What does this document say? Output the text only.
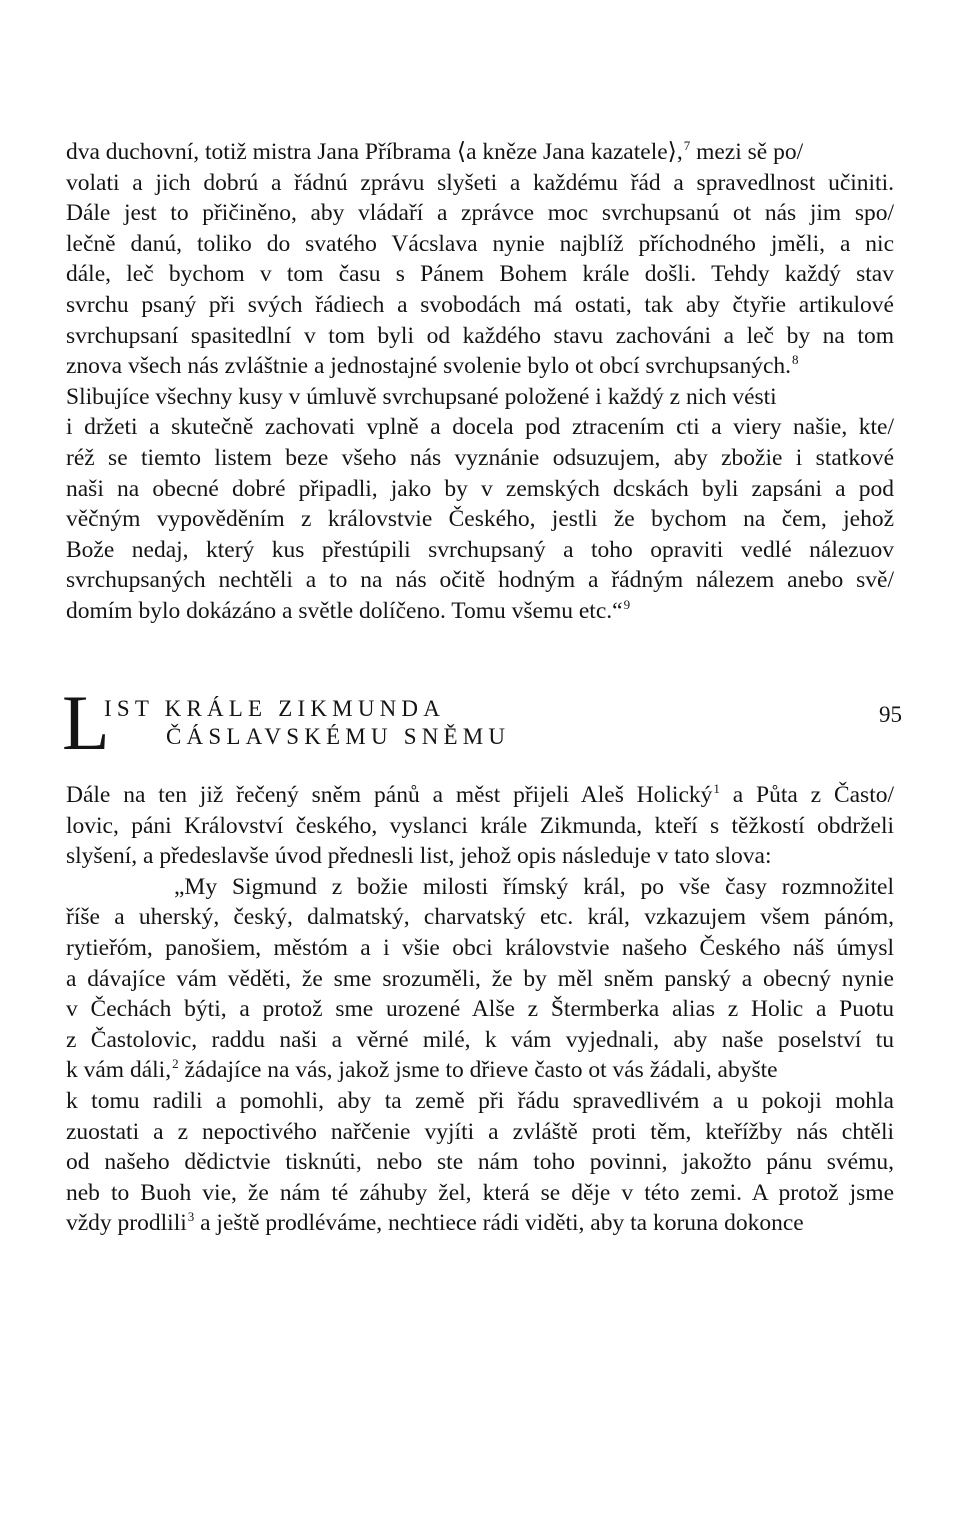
dva duchovní, totiž mistra Jana Příbrama ⟨a kněze Jana kazatele⟩,$^7$ mezi sě po/
volati a jich dobrú a řádnú zprávu slyšeti a každému řád a spravedlnost učiniti.
Dále jest to přičiněno, aby vládaří a zprávce moc svrchupsanú ot nás jim spo/
lečně danú, toliko do svatého Vácslava nynie najblíž příchodného jměli, a nic
dále, leč bychom v tom času s Pánem Bohem krále došli. Tehdy každý stav
svrchu psaný při svých řádiech a svobodách má ostati, tak aby čtyřie artikulové
svrchupsaní spasitedlní v tom byli od každého stavu zachováni a leč by na tom
znova všech nás zvláštnie a jednostajné svolenie bylo ot obcí svrchupsaných.$^8$
Slibujíce všechny kusy v úmluvě svrchupsané položené i každý z nich vésti
i držeti a skutečně zachovati vplně a docela pod ztracením cti a viery našie, kte/
réž se tiemto listem beze všeho nás vyznánie odsuzujem, aby zbožie i statkové
naši na obecné dobré připadli, jako by v zemských dcskách byli zapsáni a pod
věčným vypověděním z královstvie Českého, jestli že bychom na čem, jehož
Bože nedaj, který kus přestúpili svrchupsaný a toho opraviti vedlé nálezuov
svrchupsaných nechtěli a to na nás očitě hodným a řádným nálezem anebo svě/
domím bylo dokázáno a světle dolíčeno. Tomu všemu etc.“$^9$
L
IST KRÁLE ZIKMUNDA
ČÁSLAVSKÉMU SNĚMU
95
Dále na ten již řečený sněm pánů a měst přijeli Aleš Holický$^1$ a Půta z Často/
lovic, páni Království českého, vyslanci krále Zikmunda, kteří s těžkostí obdrželi
slyšení, a předeslavše úvod přednesli list, jehož opis následuje v tato slova:
„My Sigmund z božie milosti římský král, po vše časy rozmnožitel
říše a uherský, český, dalmatský, charvatský etc. král, vzkazujem všem pánóm,
rytieřóm, panošiem, městóm a i všie obci královstvie našeho Českého náš úmysl
a dávajíce vám věděti, že sme srozuměli, že by měl sněm panský a obecný nynie
v Čechách býti, a protož sme urozené Alše z Štermberka alias z Holic a Puotu
z Častolovic, raddu naši a věrné milé, k vám vyjednali, aby naše poselství tu
k vám dáli,$^2$ žádajíce na vás, jakož jsme to dřieve často ot vás žádali, abyšte
k tomu radili a pomohli, aby ta země při řádu spravedlivém a u pokoji mohla
zuostati a z nepoctivého nařčenie vyjíti a zvláště proti těm, kteřížby nás chtěli
od našeho dědictvie tisknúti, nebo ste nám toho povinni, jakožto pánu svému,
neb to Buoh vie, že nám té záhuby žel, která se děje v této zemi. A protož jsme
vždy prodlili$^3$ a ještě prodléváme, nechtiece rádi viděti, aby ta koruna dokonce
